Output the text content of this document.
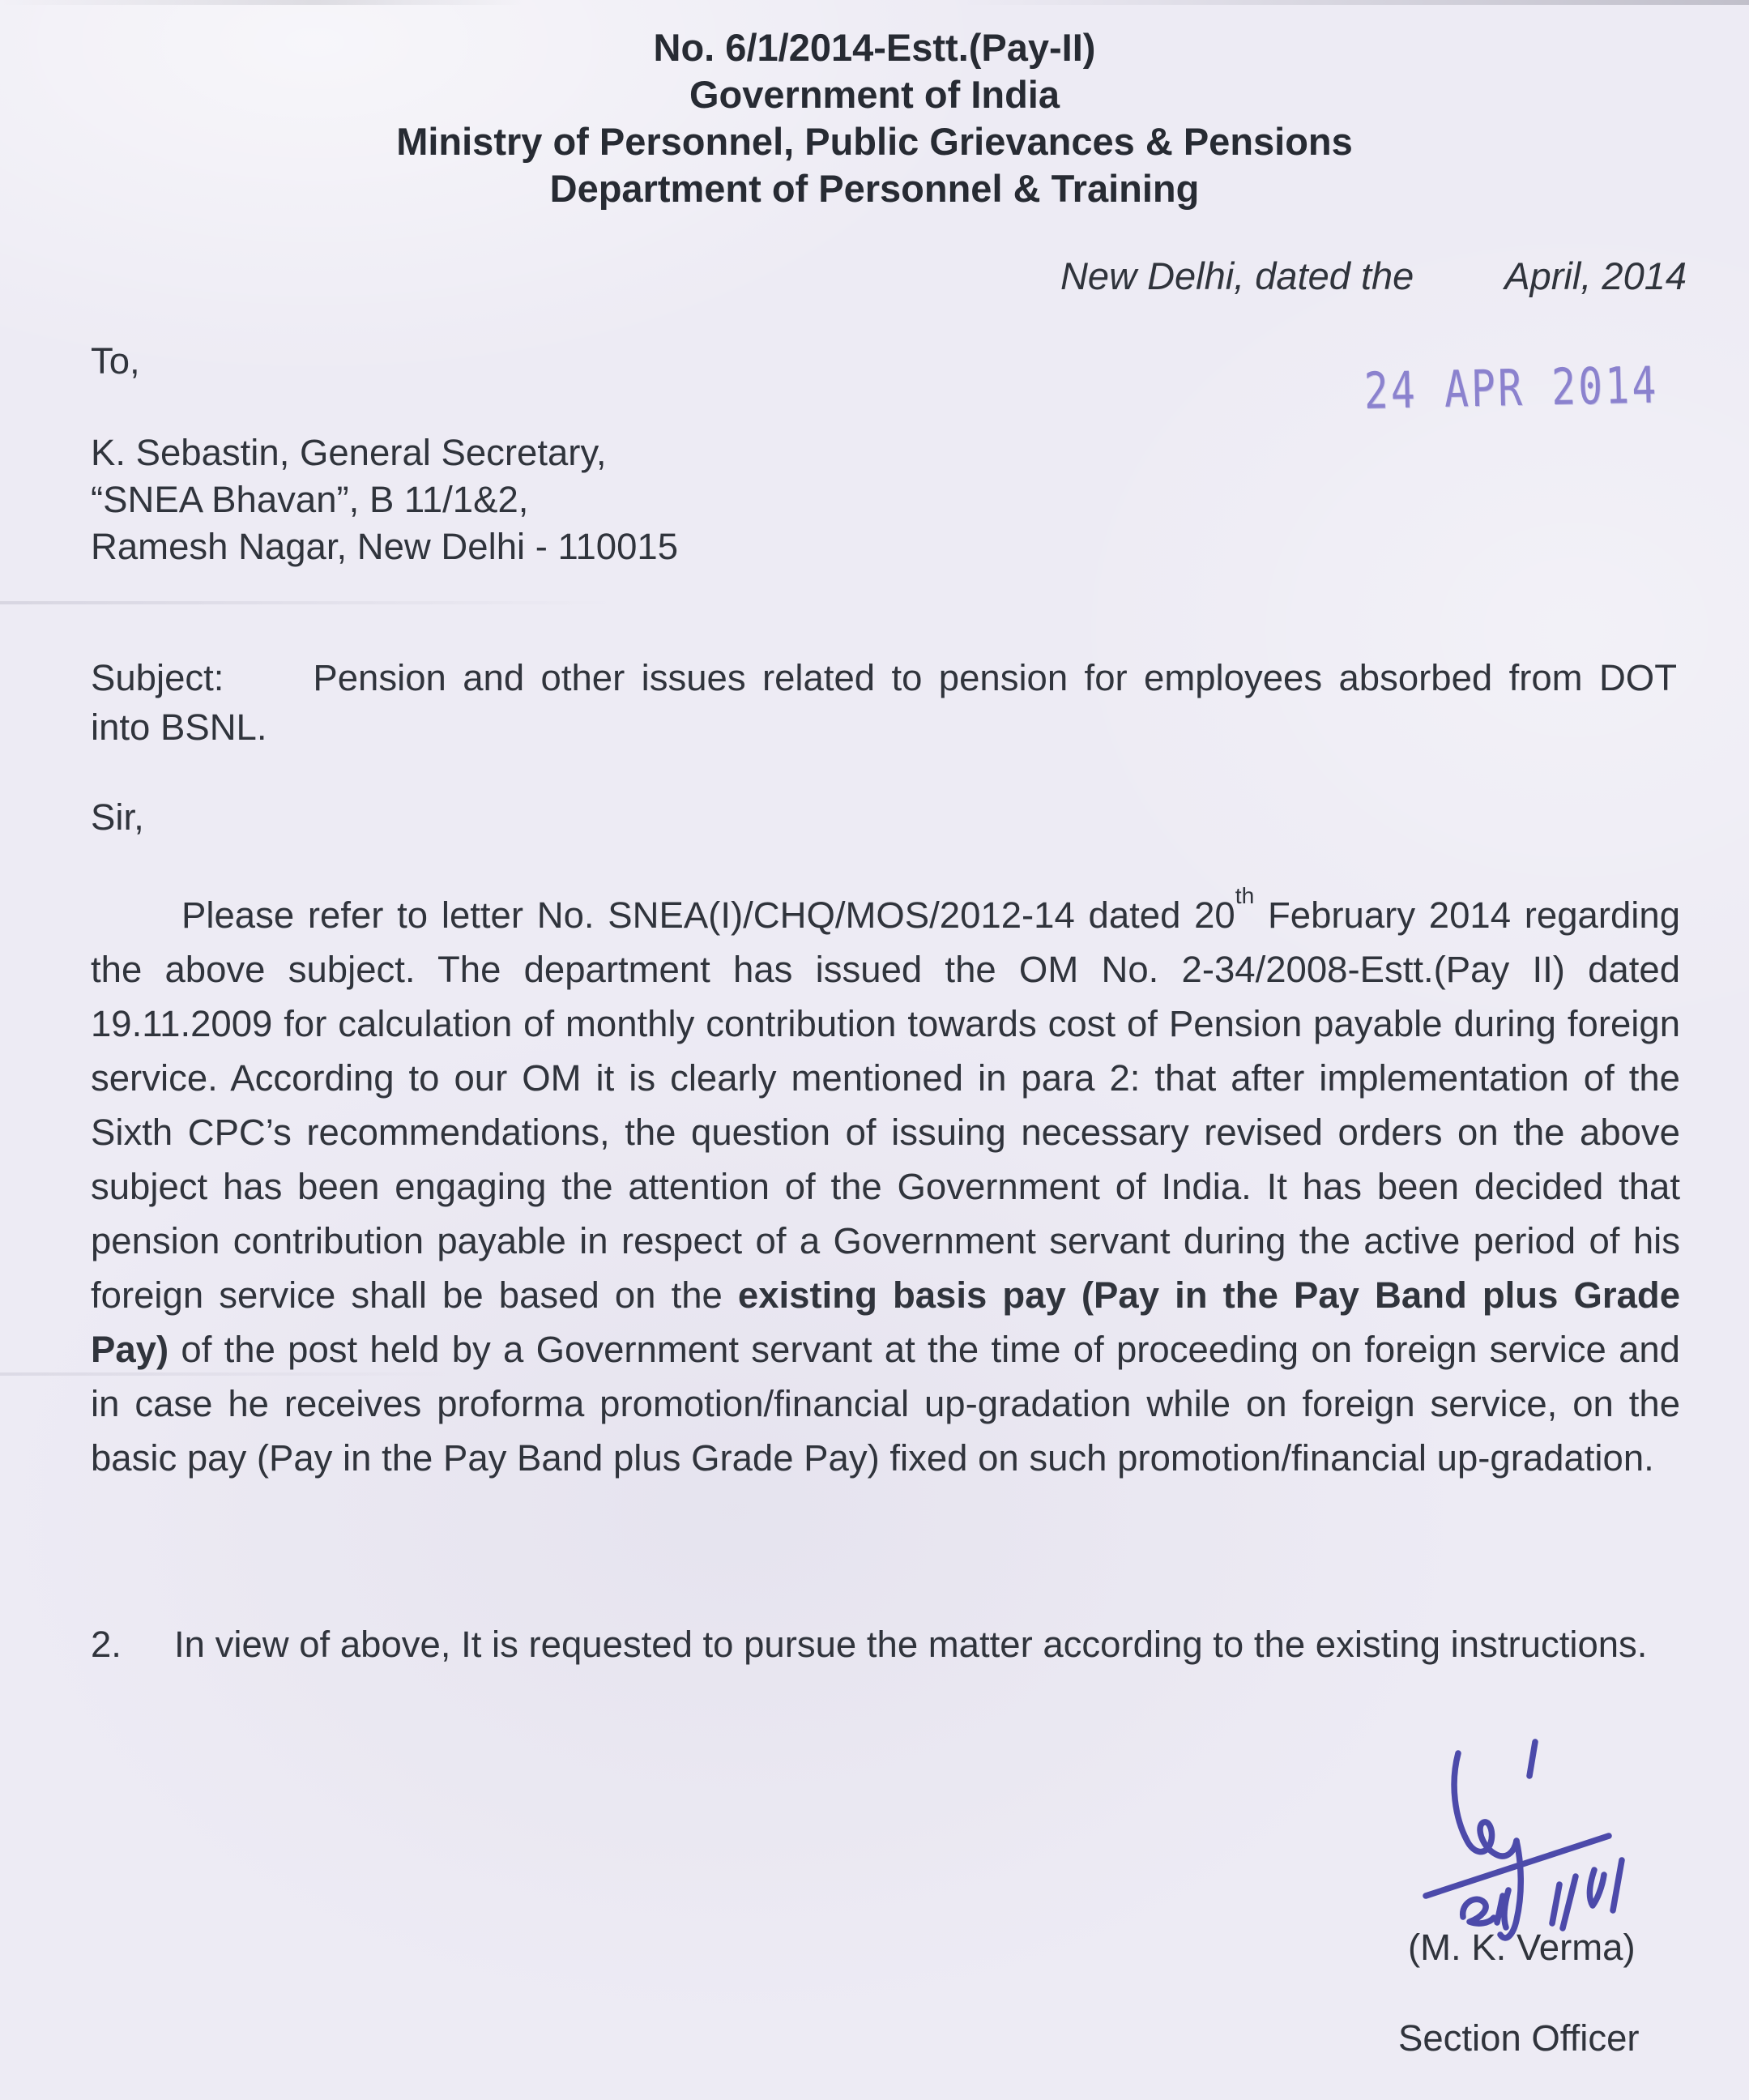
No. 6/1/2014-Estt.(Pay-II)
Government of India
Ministry of Personnel, Public Grievances & Pensions
Department of Personnel & Training
New Delhi, dated the April, 2014
24 APR 2014
To,
K. Sebastin, General Secretary,
“SNEA Bhavan”, B 11/1&2,
Ramesh Nagar, New Delhi - 110015

Subject: Pension and other issues related to pension for employees absorbed from DOT into BSNL.

Sir,

Please refer to letter No. SNEA(I)/CHQ/MOS/2012-14 dated 20th February 2014 regarding the above subject. The department has issued the OM No. 2-34/2008-Estt.(Pay II) dated 19.11.2009 for calculation of monthly contribution towards cost of Pension payable during foreign service. According to our OM it is clearly mentioned in para 2: that after implementation of the Sixth CPC’s recommendations, the question of issuing necessary revised orders on the above subject has been engaging the attention of the Government of India. It has been decided that pension contribution payable in respect of a Government servant during the active period of his foreign service shall be based on the existing basis pay (Pay in the Pay Band plus Grade Pay) of the post held by a Government servant at the time of proceeding on foreign service and in case he receives proforma promotion/financial up-gradation while on foreign service, on the basic pay (Pay in the Pay Band plus Grade Pay) fixed on such promotion/financial up-gradation.

2. In view of above, It is requested to pursue the matter according to the existing instructions.

(M. K. Verma)
Section Officer
